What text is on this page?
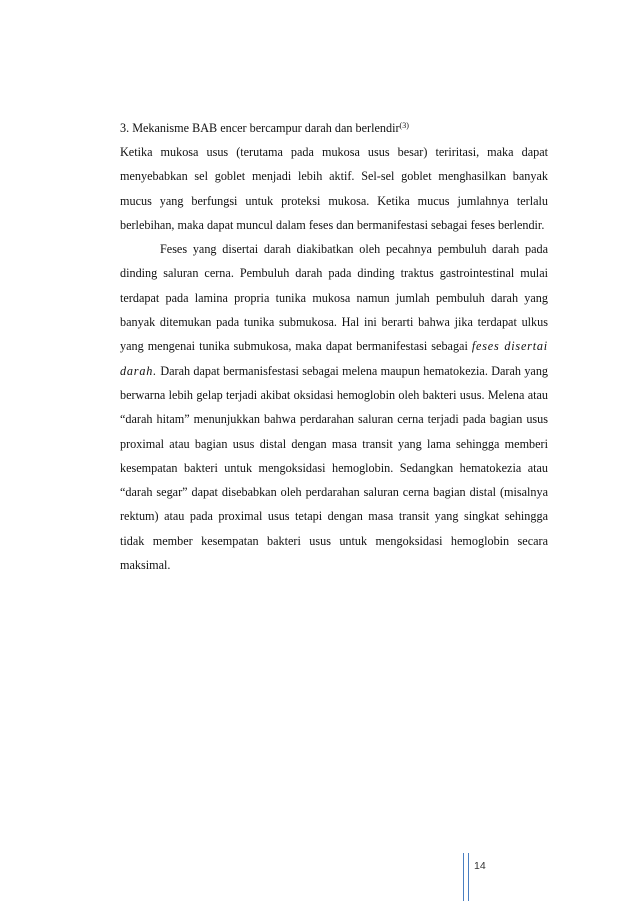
3. Mekanisme BAB encer bercampur darah dan berlendir$^{(3)}$

Ketika mukosa usus (terutama pada mukosa usus besar) teriritasi, maka dapat menyebabkan sel goblet menjadi lebih aktif. Sel-sel goblet menghasilkan banyak mucus yang berfungsi untuk proteksi mukosa. Ketika mucus jumlahnya terlalu berlebihan, maka dapat muncul dalam feses dan bermanifestasi sebagai feses berlendir.

Feses yang disertai darah diakibatkan oleh pecahnya pembuluh darah pada dinding saluran cerna. Pembuluh darah pada dinding traktus gastrointestinal mulai terdapat pada lamina propria tunika mukosa namun jumlah pembuluh darah yang banyak ditemukan pada tunika submukosa. Hal ini berarti bahwa jika terdapat ulkus yang mengenai tunika submukosa, maka dapat bermanifestasi sebagai feses disertai darah. Darah dapat bermanisfestasi sebagai melena maupun hematokezia. Darah yang berwarna lebih gelap terjadi akibat oksidasi hemoglobin oleh bakteri usus. Melena atau “darah hitam” menunjukkan bahwa perdarahan saluran cerna terjadi pada bagian usus proximal atau bagian usus distal dengan masa transit yang lama sehingga memberi kesempatan bakteri untuk mengoksidasi hemoglobin. Sedangkan hematokezia atau “darah segar” dapat disebabkan oleh perdarahan saluran cerna bagian distal (misalnya rektum) atau pada proximal usus tetapi dengan masa transit yang singkat sehingga tidak member kesempatan bakteri usus untuk mengoksidasi hemoglobin secara maksimal.

14
